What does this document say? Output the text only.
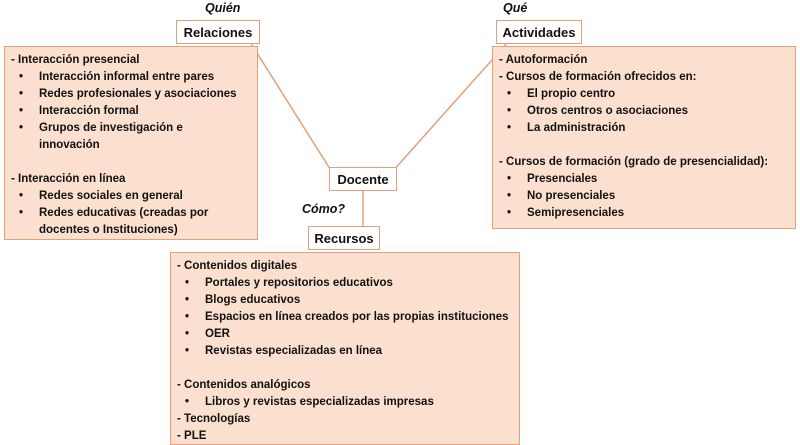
Quién	Qué
Cómo?
Relaciones	Actividades
Docente
Recursos
- Interacción presencial
•	Interacción informal entre pares
•	Redes profesionales y asociaciones
•	Interacción formal
•	Grupos de investigación e innovación
- Interacción en línea
•	Redes sociales en general
•	Redes educativas (creadas por docentes o Instituciones)
- Autoformación
- Cursos de formación ofrecidos en:
•	El propio centro
•	Otros centros o asociaciones
•	La administración
- Cursos de formación (grado de presencialidad):
•	Presenciales
•	No presenciales
•	Semipresenciales
- Contenidos digitales
•	Portales y repositorios educativos
•	Blogs educativos
•	Espacios en línea creados por las propias instituciones
•	OER
•	Revistas especializadas en línea
- Contenidos analógicos
•	Libros y revistas especializadas impresas
- Tecnologías
- PLE
